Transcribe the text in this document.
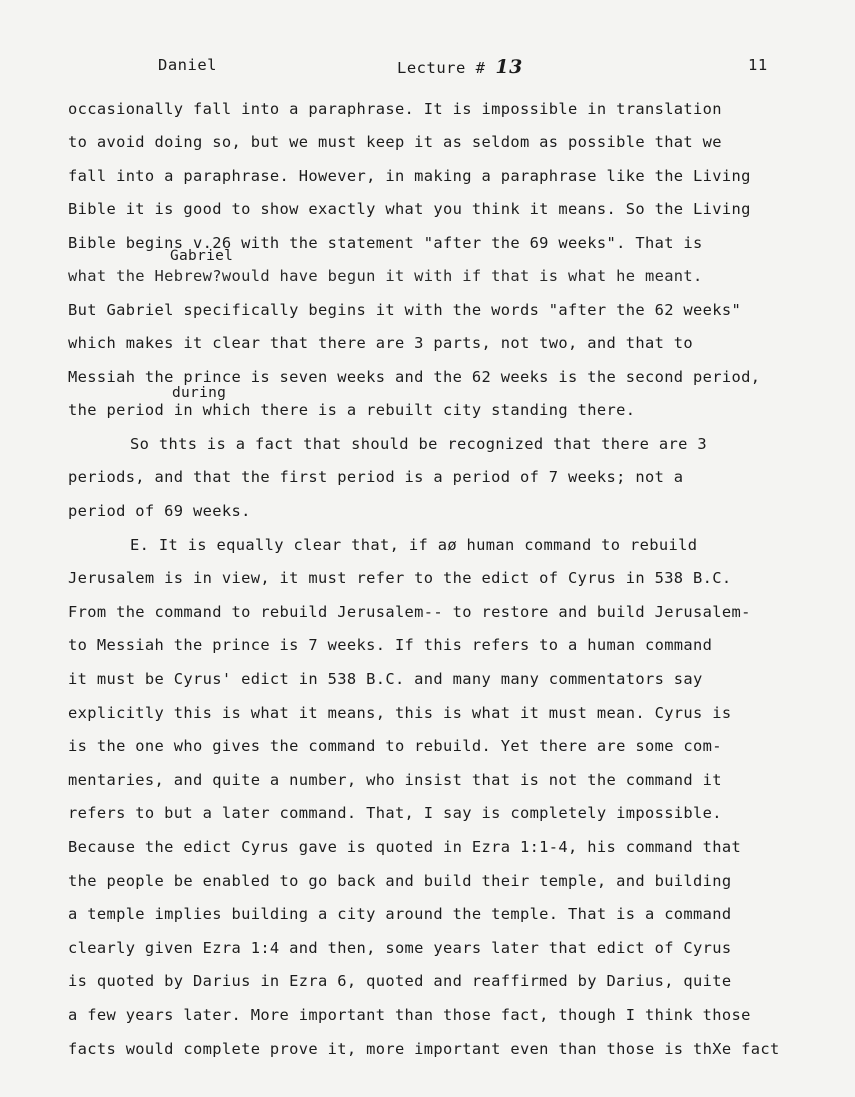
Daniel	Lecture # 13	11
occasionally fall into a paraphrase. It is impossible in translation
to avoid doing so, but we must keep it as seldom as possible that we
fall into a paraphrase. However, in making a paraphrase like the Living
Bible it is good to show exactly what you think it means. So the Living
Bible begins v.26 with the statement "after the 69 weeks". That is
Gabriel
what the Hebrew?would have begun it with if that is what he meant.
But Gabriel specifically begins it with the words "after the 62 weeks"
which makes it clear that there are 3 parts, not two, and that to
Messiah the prince is seven weeks and the 62 weeks is the second period,
during
the period in which there is a rebuilt city standing there.
So thts is a fact that should be recognized that there are 3
periods, and that the first period is a period of 7 weeks; not a
period of 69 weeks.
E. It is equally clear that, if aø human command to rebuild
Jerusalem is in view, it must refer to the edict of Cyrus in 538 B.C.
From the command to rebuild Jerusalem-- to restore and build Jerusalem-
to Messiah the prince is 7 weeks. If this refers to a human command
it must be Cyrus' edict in 538 B.C. and many many commentators say
explicitly this is what it means, this is what it must mean. Cyrus is
is the one who gives the command to rebuild. Yet there are some com-
mentaries, and quite a number, who insist that is not the command it
refers to but a later command. That, I say is completely impossible.
Because the edict Cyrus gave is quoted in Ezra 1:1-4, his command that
the people be enabled to go back and build their temple, and building
a temple implies building a city around the temple. That is a command
clearly given Ezra 1:4 and then, some years later that edict of Cyrus
is quoted by Darius in Ezra 6, quoted and reaffirmed by Darius, quite
a few years later. More important than those fact, though I think those
facts would complete prove it, more important even than those is thXe fact
